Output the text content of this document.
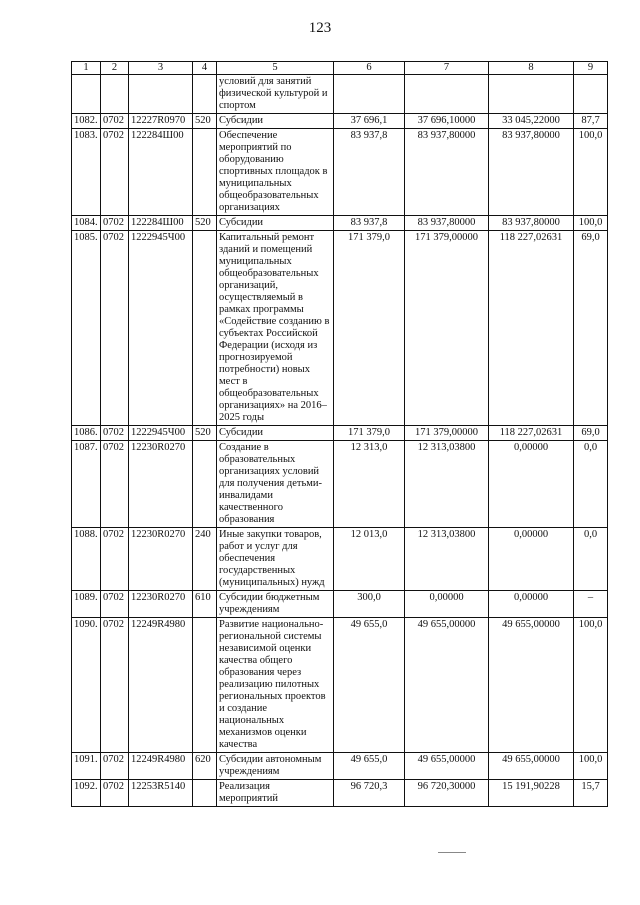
123
1	2	3	4	5	6	7	8	9
				условий для занятий физической культурой и спортом				
1082.	0702	12227R0970	520	Субсидии	37 696,1	37 696,10000	33 045,22000	87,7
1083.	0702	122284Ш00		Обеспечение мероприятий по оборудованию спортивных площадок в муниципальных общеобразовательных организациях	83 937,8	83 937,80000	83 937,80000	100,0
1084.	0702	122284Ш00	520	Субсидии	83 937,8	83 937,80000	83 937,80000	100,0
1085.	0702	1222945Ч00		Капитальный ремонт зданий и помещений муниципальных общеобразовательных организаций, осуществляемый в рамках программы «Содействие созданию в субъектах Российской Федерации (исходя из прогнозируемой потребности) новых мест в общеобразовательных организациях» на 2016–2025 годы	171 379,0	171 379,00000	118 227,02631	69,0
1086.	0702	1222945Ч00	520	Субсидии	171 379,0	171 379,00000	118 227,02631	69,0
1087.	0702	12230R0270		Создание в образовательных организациях условий для получения детьми-инвалидами качественного образования	12 313,0	12 313,03800	0,00000	0,0
1088.	0702	12230R0270	240	Иные закупки товаров, работ и услуг для обеспечения государственных (муниципальных) нужд	12 013,0	12 313,03800	0,00000	0,0
1089.	0702	12230R0270	610	Субсидии бюджетным учреждениям	300,0	0,00000	0,00000	–
1090.	0702	12249R4980		Развитие национально-региональной системы независимой оценки качества общего образования через реализацию пилотных региональных проектов и создание национальных механизмов оценки качества	49 655,0	49 655,00000	49 655,00000	100,0
1091.	0702	12249R4980	620	Субсидии автономным учреждениям	49 655,0	49 655,00000	49 655,00000	100,0
1092.	0702	12253R5140		Реализация мероприятий	96 720,3	96 720,30000	15 191,90228	15,7
